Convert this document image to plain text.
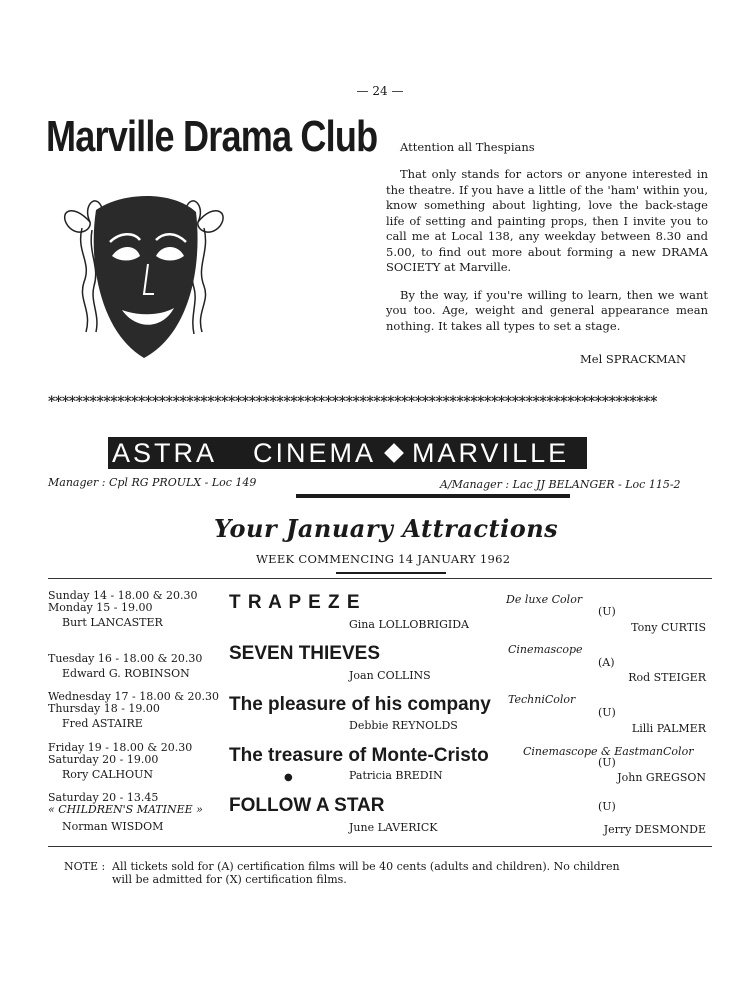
— 24 —
Marville Drama Club Attention all Thespians

That only stands for actors or anyone interested in the theatre. If you have a little of the 'ham' within you, know something about lighting, love the back-stage life of setting and painting props, then I invite you to call me at Local 138, any weekday between 8.30 and 5.00, to find out more about forming a new DRAMA SOCIETY at Marville.

By the way, if you're willing to learn, then we want you too. Age, weight and general appearance mean nothing. It takes all types to set a stage.

Mel SPRACKMAN
****************************************************************************************
ASTRA CINEMA MARVILLE
Manager : Cpl RG PROULX - Loc 149	A/Manager : Lac JJ BELANGER - Loc 115-2
Your January Attractions
WEEK COMMENCING 14 JANUARY 1962
Sunday 14 - 18.00 & 20.30
Monday 15 - 19.00
Burt LANCASTER
T R A P E Z E
Gina LOLLOBRIGIDA
De luxe Color
(U)
Tony CURTIS
Tuesday 16 - 18.00 & 20.30
Edward G. ROBINSON
SEVEN THIEVES
Joan COLLINS
Cinemascope
(A)
Rod STEIGER
Wednesday 17 - 18.00 & 20.30
Thursday 18 - 19.00
Fred ASTAIRE
The pleasure of his company
Debbie REYNOLDS
TechniColor
(U)
Lilli PALMER
Friday 19 - 18.00 & 20.30
Saturday 20 - 19.00
Rory CALHOUN
The treasure of Monte-Cristo
●	Patricia BREDIN
Cinemascope & EastmanColor
(U)
John GREGSON
Saturday 20 - 13.45
« CHILDREN'S MATINEE »
Norman WISDOM
FOLLOW A STAR
June LAVERICK
(U)
Jerry DESMONDE
NOTE : All tickets sold for (A) certification films will be 40 cents (adults and children). No children
will be admitted for (X) certification films.
